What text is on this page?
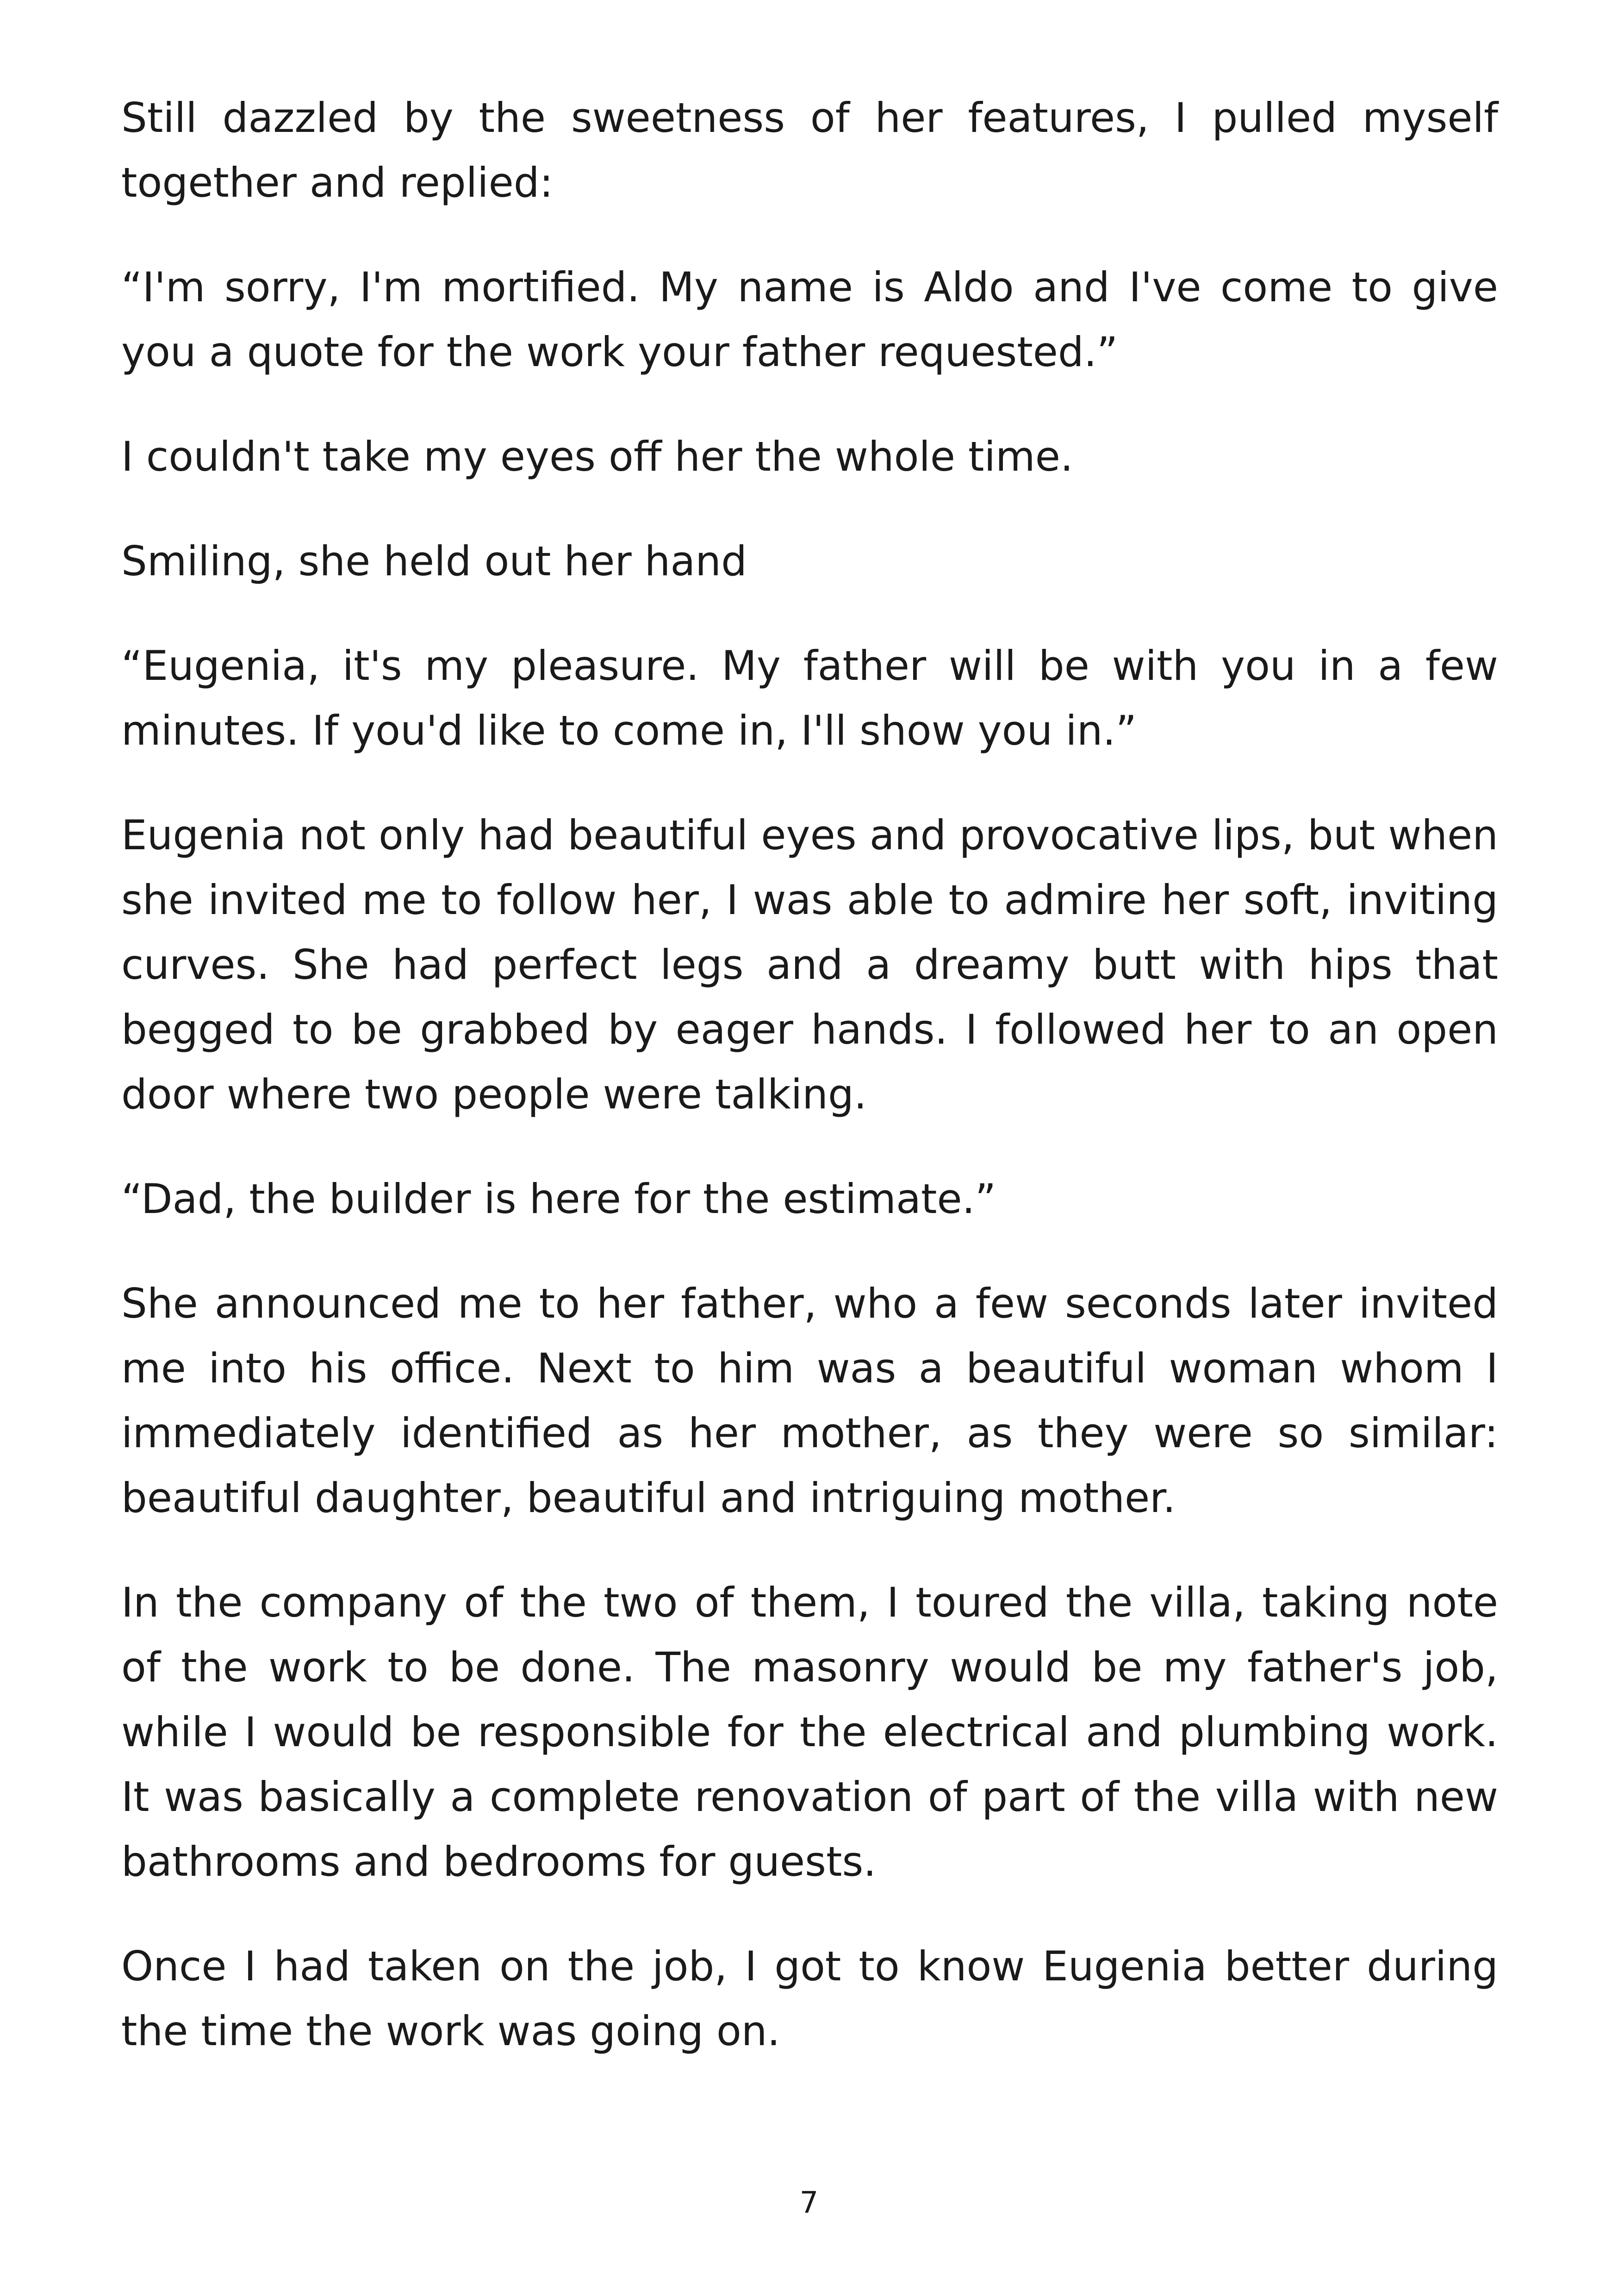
Still dazzled by the sweetness of her features, I pulled myself together and replied:

“I'm sorry, I'm mortified. My name is Aldo and I've come to give you a quote for the work your father requested.”

I couldn't take my eyes off her the whole time.

Smiling, she held out her hand

“Eugenia, it's my pleasure. My father will be with you in a few minutes. If you'd like to come in, I'll show you in.”

Eugenia not only had beautiful eyes and provocative lips, but when she invited me to follow her, I was able to admire her soft, inviting curves. She had perfect legs and a dreamy butt with hips that begged to be grabbed by eager hands. I followed her to an open door where two people were talking.

“Dad, the builder is here for the estimate.”

She announced me to her father, who a few seconds later invited me into his office. Next to him was a beautiful woman whom I immediately identified as her mother, as they were so similar: beautiful daughter, beautiful and intriguing mother.

In the company of the two of them, I toured the villa, taking note of the work to be done. The masonry would be my father's job, while I would be responsible for the electrical and plumbing work. It was basically a complete renovation of part of the villa with new bathrooms and bedrooms for guests.

Once I had taken on the job, I got to know Eugenia better during the time the work was going on.

7
